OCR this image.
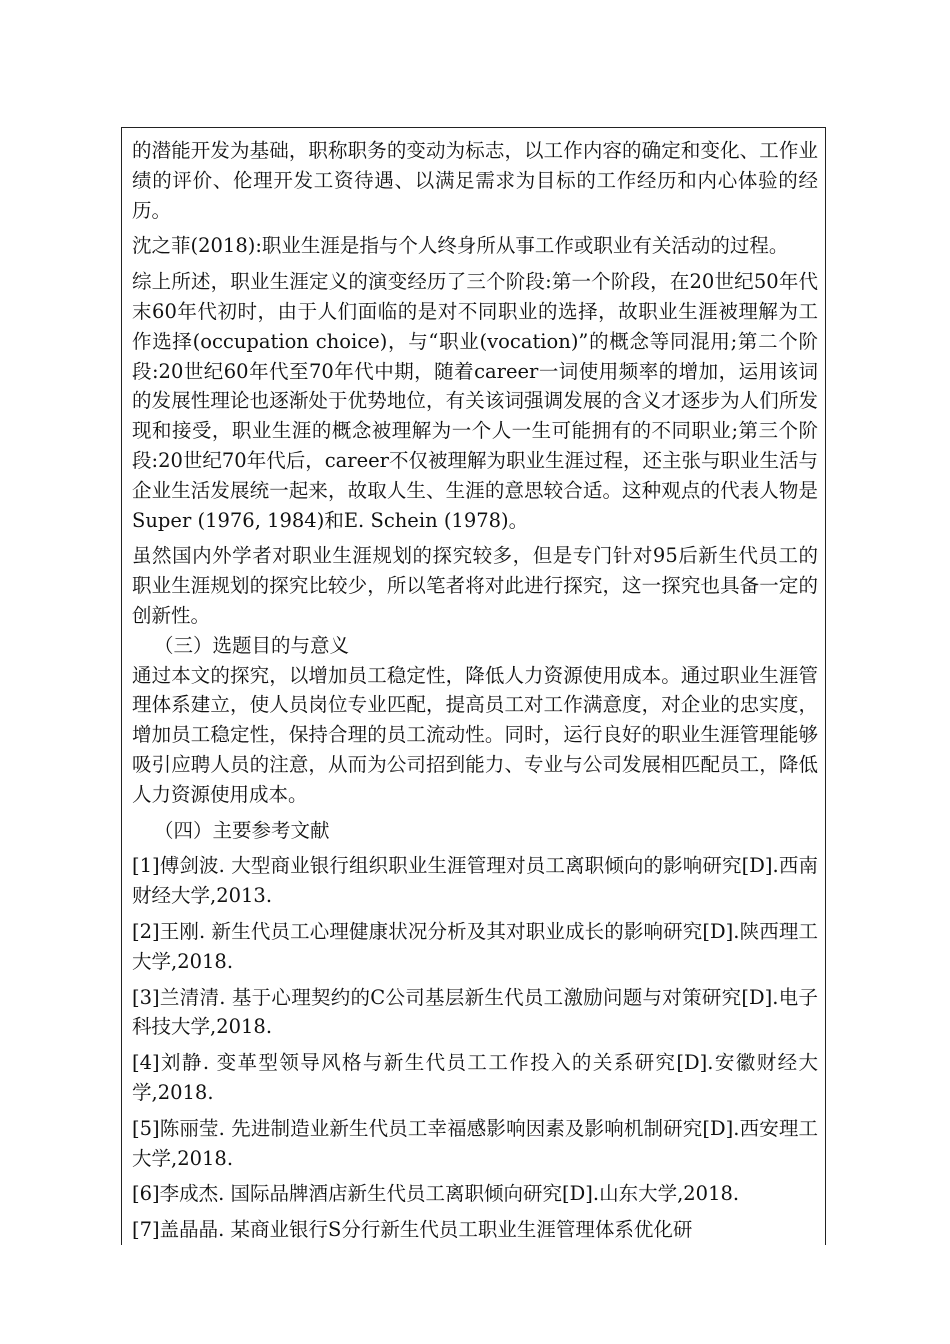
的潜能开发为基础，职称职务的变动为标志，以工作内容的确定和变化、工作业绩的评价、伦理开发工资待遇、以满足需求为目标的工作经历和内心体验的经历。

沈之菲(2018):职业生涯是指与个人终身所从事工作或职业有关活动的过程。

综上所述，职业生涯定义的演变经历了三个阶段:第一个阶段，在20世纪50年代末60年代初时，由于人们面临的是对不同职业的选择，故职业生涯被理解为工作选择(occupation choice)，与“职业(vocation)”的概念等同混用;第二个阶段:20世纪60年代至70年代中期，随着career一词使用频率的增加，运用该词的发展性理论也逐渐处于优势地位，有关该词强调发展的含义才逐步为人们所发现和接受，职业生涯的概念被理解为一个人一生可能拥有的不同职业;第三个阶段:20世纪70年代后，career不仅被理解为职业生涯过程，还主张与职业生活与企业生活发展统一起来，故取人生、生涯的意思较合适。这种观点的代表人物是Super (1976, 1984)和E. Schein (1978)。

虽然国内外学者对职业生涯规划的探究较多，但是专门针对95后新生代员工的职业生涯规划的探究比较少，所以笔者将对此进行探究，这一探究也具备一定的创新性。

（三）选题目的与意义

通过本文的探究，以增加员工稳定性，降低人力资源使用成本。通过职业生涯管理体系建立，使人员岗位专业匹配，提高员工对工作满意度，对企业的忠实度，增加员工稳定性，保持合理的员工流动性。同时，运行良好的职业生涯管理能够吸引应聘人员的注意，从而为公司招到能力、专业与公司发展相匹配员工，降低人力资源使用成本。

（四）主要参考文献

[1]傅剑波. 大型商业银行组织职业生涯管理对员工离职倾向的影响研究[D].西南财经大学,2013.

[2]王刚. 新生代员工心理健康状况分析及其对职业成长的影响研究[D].陕西理工大学,2018.

[3]兰清清. 基于心理契约的C公司基层新生代员工激励问题与对策研究[D].电子科技大学,2018.

[4]刘静. 变革型领导风格与新生代员工工作投入的关系研究[D].安徽财经大学,2018.

[5]陈丽莹. 先进制造业新生代员工幸福感影响因素及影响机制研究[D].西安理工大学,2018.

[6]李成杰. 国际品牌酒店新生代员工离职倾向研究[D].山东大学,2018.

[7]盖晶晶. 某商业银行S分行新生代员工职业生涯管理体系优化研
